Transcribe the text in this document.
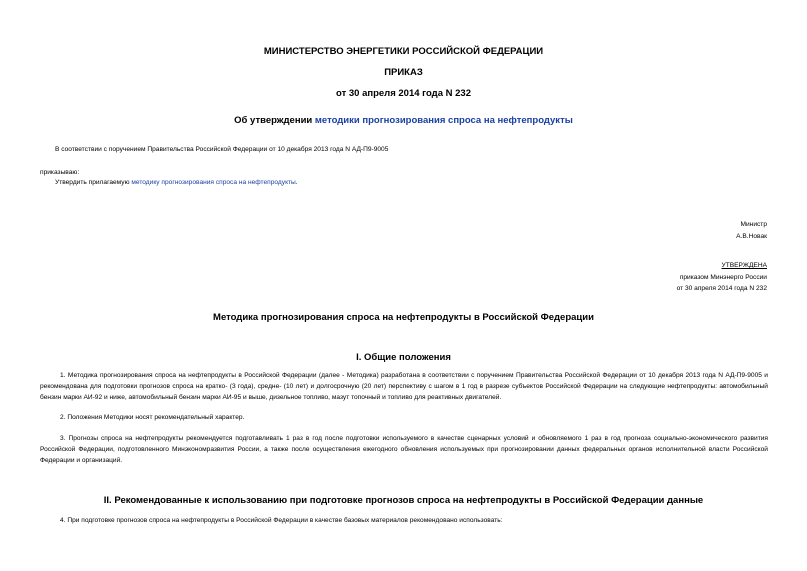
МИНИСТЕРСТВО ЭНЕРГЕТИКИ РОССИЙСКОЙ ФЕДЕРАЦИИ
ПРИКАЗ
от 30 апреля 2014 года N 232
Об утверждении методики прогнозирования спроса на нефтепродукты
В соответствии с поручением Правительства Российской Федерации от 10 декабря 2013 года N АД-П9-9005
приказываю:
Утвердить прилагаемую методику прогнозирования спроса на нефтепродукты.
Министр
А.В.Новак
УТВЕРЖДЕНА
приказом Минэнерго России
от 30 апреля 2014 года N 232
Методика прогнозирования спроса на нефтепродукты в Российской Федерации
I. Общие положения
1. Методика прогнозирования спроса на нефтепродукты в Российской Федерации (далее - Методика) разработана в соответствии с поручением Правительства Российской Федерации от 10 декабря 2013 года N АД-П9-9005 и рекомендована для подготовки прогнозов спроса на кратко- (3 года), средне- (10 лет) и долгосрочную (20 лет) перспективу с шагом в 1 год в разрезе субъектов Российской Федерации на следующие нефтепродукты: автомобильный бензин марки АИ-92 и ниже, автомобильный бензин марки АИ-95 и выше, дизельное топливо, мазут топочный и топливо для реактивных двигателей.
2. Положения Методики носят рекомендательный характер.
3. Прогнозы спроса на нефтепродукты рекомендуется подготавливать 1 раз в год после подготовки используемого в качестве сценарных условий и обновляемого 1 раз в год прогноза социально-экономического развития Российской Федерации, подготовленного Минэкономразвития России, а также после осуществления ежегодного обновления используемых при прогнозировании данных федеральных органов исполнительной власти Российской Федерации и организаций.
II. Рекомендованные к использованию при подготовке прогнозов спроса на нефтепродукты в Российской Федерации данные
4. При подготовке прогнозов спроса на нефтепродукты в Российской Федерации в качестве базовых материалов рекомендовано использовать:
